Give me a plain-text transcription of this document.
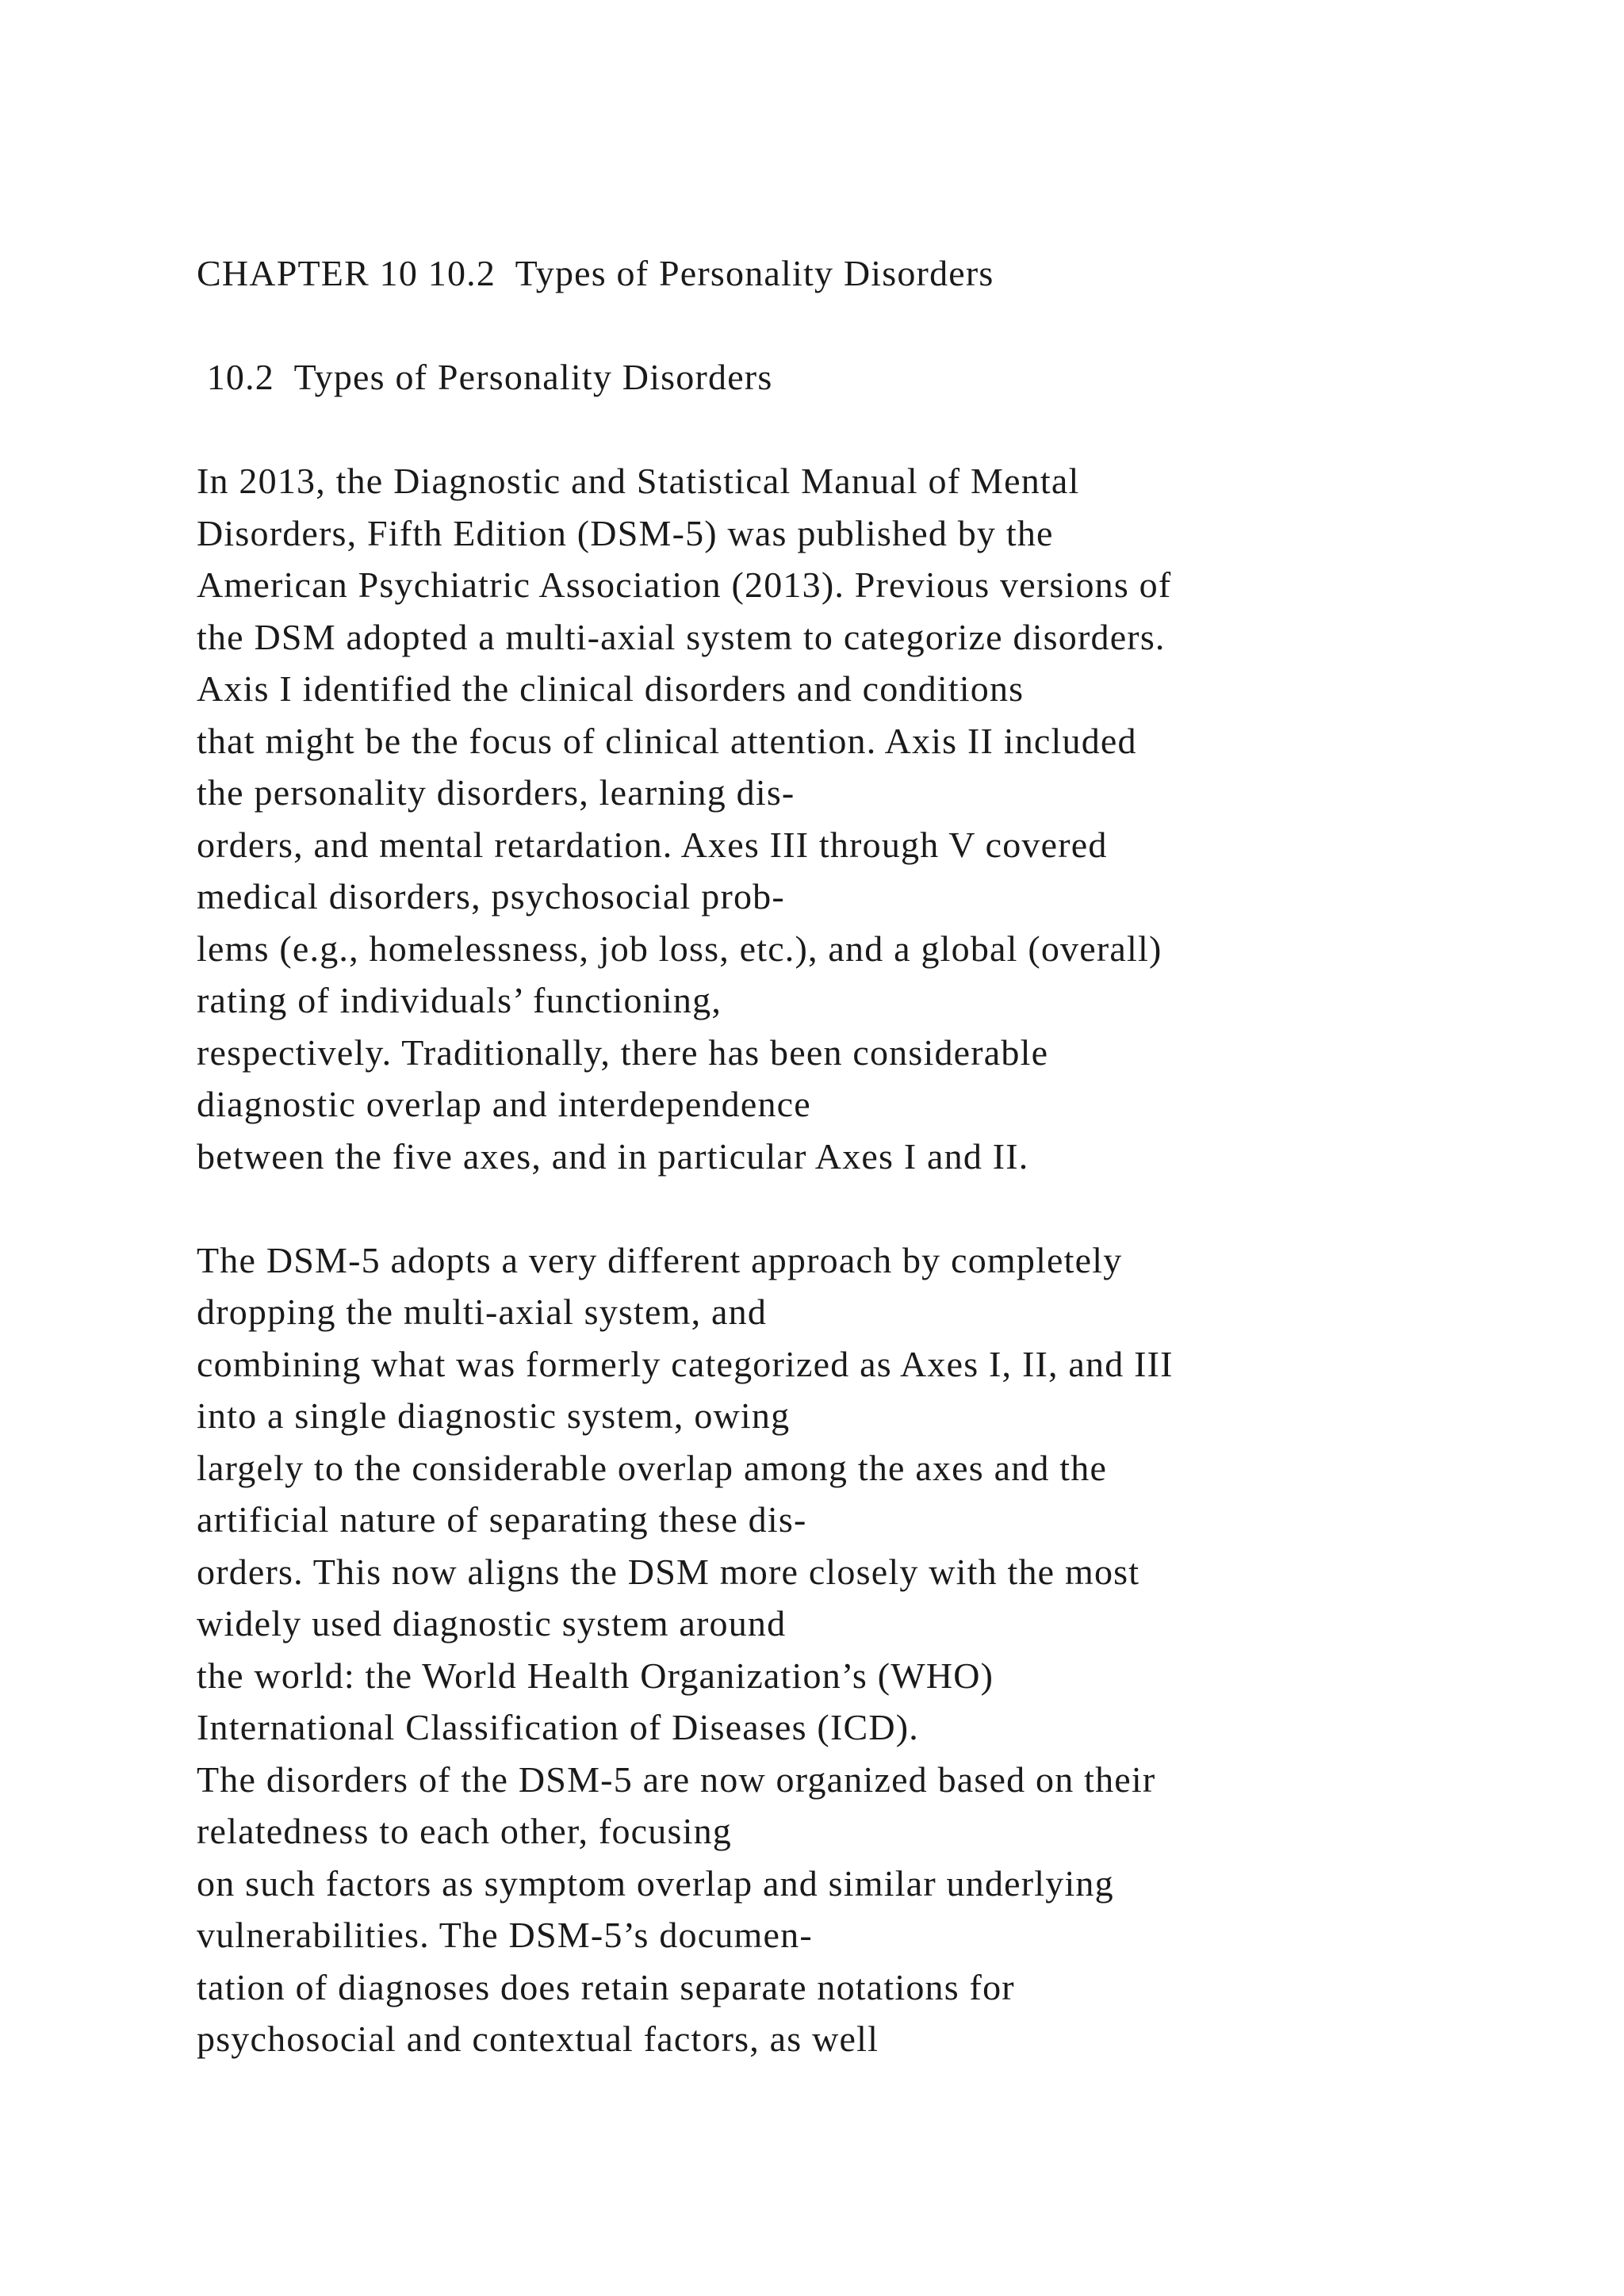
CHAPTER 10 10.2  Types of Personality Disorders
10.2  Types of Personality Disorders
In 2013, the Diagnostic and Statistical Manual of Mental
Disorders, Fifth Edition (DSM-5) was published by the
American Psychiatric Association (2013). Previous versions of
the DSM adopted a multi-axial system to categorize disorders.
Axis I identified the clinical disorders and conditions
that might be the focus of clinical attention. Axis II included
the personality disorders, learning dis-
orders, and mental retardation. Axes III through V covered
medical disorders, psychosocial prob-
lems (e.g., homelessness, job loss, etc.), and a global (overall)
rating of individuals’ functioning,
respectively. Traditionally, there has been considerable
diagnostic overlap and interdependence
between the five axes, and in particular Axes I and II.
The DSM-5 adopts a very different approach by completely
dropping the multi-axial system, and
combining what was formerly categorized as Axes I, II, and III
into a single diagnostic system, owing
largely to the considerable overlap among the axes and the
artificial nature of separating these dis-
orders. This now aligns the DSM more closely with the most
widely used diagnostic system around
the world: the World Health Organization’s (WHO)
International Classification of Diseases (ICD).
The disorders of the DSM-5 are now organized based on their
relatedness to each other, focusing
on such factors as symptom overlap and similar underlying
vulnerabilities. The DSM-5’s documen-
tation of diagnoses does retain separate notations for
psychosocial and contextual factors, as well
